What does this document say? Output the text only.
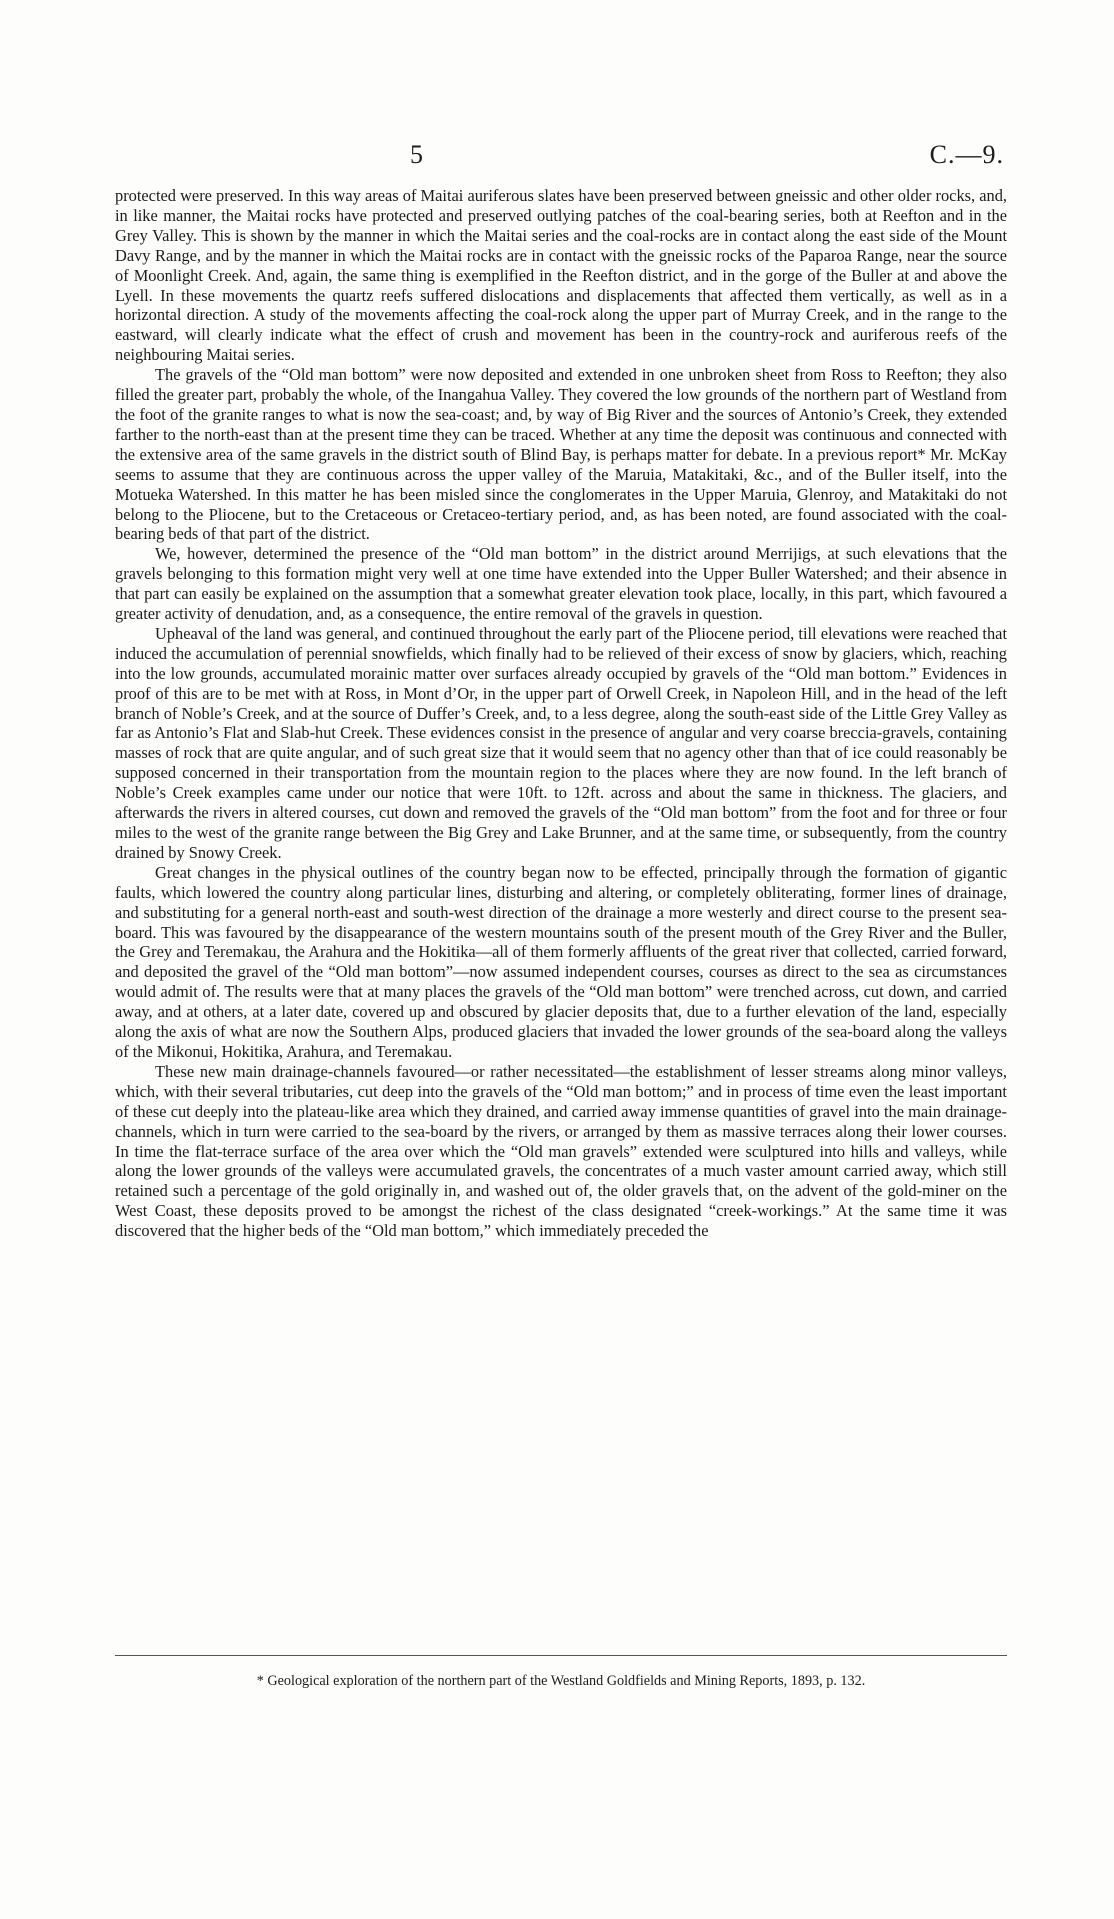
5	C.—9.

protected were preserved. In this way areas of Maitai auriferous slates have been preserved between gneissic and other older rocks, and, in like manner, the Maitai rocks have protected and preserved outlying patches of the coal-bearing series, both at Reefton and in the Grey Valley. This is shown by the manner in which the Maitai series and the coal-rocks are in contact along the east side of the Mount Davy Range, and by the manner in which the Maitai rocks are in contact with the gneissic rocks of the Paparoa Range, near the source of Moonlight Creek. And, again, the same thing is exemplified in the Reefton district, and in the gorge of the Buller at and above the Lyell. In these movements the quartz reefs suffered dislocations and displacements that affected them vertically, as well as in a horizontal direction. A study of the movements affecting the coal-rock along the upper part of Murray Creek, and in the range to the eastward, will clearly indicate what the effect of crush and movement has been in the country-rock and auriferous reefs of the neighbouring Maitai series.

The gravels of the “Old man bottom” were now deposited and extended in one unbroken sheet from Ross to Reefton; they also filled the greater part, probably the whole, of the Inangahua Valley. They covered the low grounds of the northern part of Westland from the foot of the granite ranges to what is now the sea-coast; and, by way of Big River and the sources of Antonio’s Creek, they extended farther to the north-east than at the present time they can be traced. Whether at any time the deposit was continuous and connected with the extensive area of the same gravels in the district south of Blind Bay, is perhaps matter for debate. In a previous report* Mr. McKay seems to assume that they are continuous across the upper valley of the Maruia, Matakitaki, &c., and of the Buller itself, into the Motueka Watershed. In this matter he has been misled since the conglomerates in the Upper Maruia, Glenroy, and Matakitaki do not belong to the Pliocene, but to the Cretaceous or Cretaceo-tertiary period, and, as has been noted, are found associated with the coal-bearing beds of that part of the district.

We, however, determined the presence of the “Old man bottom” in the district around Merrijigs, at such elevations that the gravels belonging to this formation might very well at one time have extended into the Upper Buller Watershed; and their absence in that part can easily be explained on the assumption that a somewhat greater elevation took place, locally, in this part, which favoured a greater activity of denudation, and, as a consequence, the entire removal of the gravels in question.

Upheaval of the land was general, and continued throughout the early part of the Pliocene period, till elevations were reached that induced the accumulation of perennial snowfields, which finally had to be relieved of their excess of snow by glaciers, which, reaching into the low grounds, accumulated morainic matter over surfaces already occupied by gravels of the “Old man bottom.” Evidences in proof of this are to be met with at Ross, in Mont d’Or, in the upper part of Orwell Creek, in Napoleon Hill, and in the head of the left branch of Noble’s Creek, and at the source of Duffer’s Creek, and, to a less degree, along the south-east side of the Little Grey Valley as far as Antonio’s Flat and Slab-hut Creek. These evidences consist in the presence of angular and very coarse breccia-gravels, containing masses of rock that are quite angular, and of such great size that it would seem that no agency other than that of ice could reasonably be supposed concerned in their transportation from the mountain region to the places where they are now found. In the left branch of Noble’s Creek examples came under our notice that were 10ft. to 12ft. across and about the same in thickness. The glaciers, and afterwards the rivers in altered courses, cut down and removed the gravels of the “Old man bottom” from the foot and for three or four miles to the west of the granite range between the Big Grey and Lake Brunner, and at the same time, or subsequently, from the country drained by Snowy Creek.

Great changes in the physical outlines of the country began now to be effected, principally through the formation of gigantic faults, which lowered the country along particular lines, disturbing and altering, or completely obliterating, former lines of drainage, and substituting for a general north-east and south-west direction of the drainage a more westerly and direct course to the present sea-board. This was favoured by the disappearance of the western mountains south of the present mouth of the Grey River and the Buller, the Grey and Teremakau, the Arahura and the Hokitika—all of them formerly affluents of the great river that collected, carried forward, and deposited the gravel of the “Old man bottom”—now assumed independent courses, courses as direct to the sea as circumstances would admit of. The results were that at many places the gravels of the “Old man bottom” were trenched across, cut down, and carried away, and at others, at a later date, covered up and obscured by glacier deposits that, due to a further elevation of the land, especially along the axis of what are now the Southern Alps, produced glaciers that invaded the lower grounds of the sea-board along the valleys of the Mikonui, Hokitika, Arahura, and Teremakau.

These new main drainage-channels favoured—or rather necessitated—the establishment of lesser streams along minor valleys, which, with their several tributaries, cut deep into the gravels of the “Old man bottom;” and in process of time even the least important of these cut deeply into the plateau-like area which they drained, and carried away immense quantities of gravel into the main drainage-channels, which in turn were carried to the sea-board by the rivers, or arranged by them as massive terraces along their lower courses. In time the flat-terrace surface of the area over which the “Old man gravels” extended were sculptured into hills and valleys, while along the lower grounds of the valleys were accumulated gravels, the concentrates of a much vaster amount carried away, which still retained such a percentage of the gold originally in, and washed out of, the older gravels that, on the advent of the gold-miner on the West Coast, these deposits proved to be amongst the richest of the class designated “creek-workings.” At the same time it was discovered that the higher beds of the “Old man bottom,” which immediately preceded the

* Geological exploration of the northern part of the Westland Goldfields and Mining Reports, 1893, p. 132.
